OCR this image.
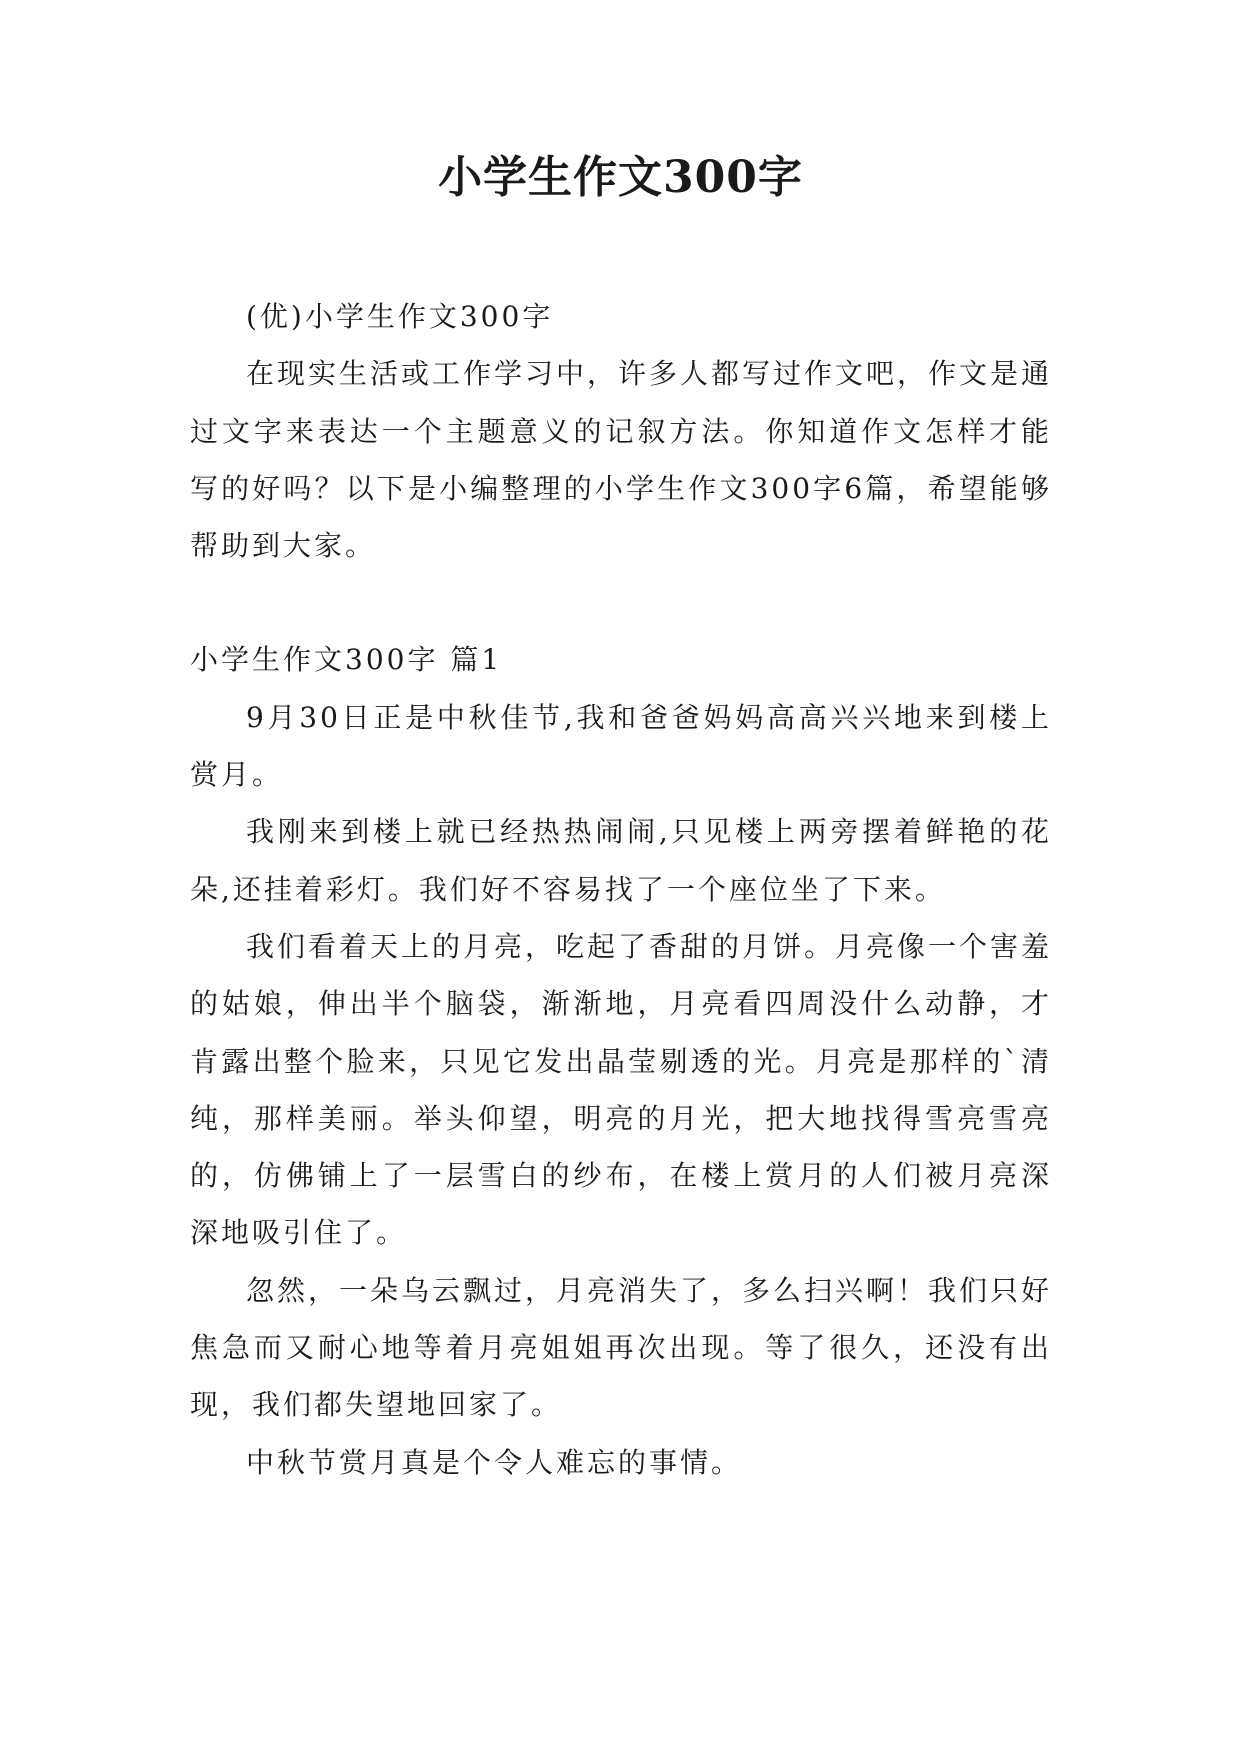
小学生作文300字

(优)小学生作文300字

在现实生活或工作学习中，许多人都写过作文吧，作文是通过文字来表达一个主题意义的记叙方法。你知道作文怎样才能写的好吗？以下是小编整理的小学生作文300字6篇，希望能够帮助到大家。

小学生作文300字 篇1

9月30日正是中秋佳节,我和爸爸妈妈高高兴兴地来到楼上赏月。

我刚来到楼上就已经热热闹闹,只见楼上两旁摆着鲜艳的花朵,还挂着彩灯。我们好不容易找了一个座位坐了下来。

我们看着天上的月亮，吃起了香甜的月饼。月亮像一个害羞的姑娘，伸出半个脑袋，渐渐地，月亮看四周没什么动静，才肯露出整个脸来，只见它发出晶莹剔透的光。月亮是那样的`清纯，那样美丽。举头仰望，明亮的月光，把大地找得雪亮雪亮的，仿佛铺上了一层雪白的纱布，在楼上赏月的人们被月亮深深地吸引住了。

忽然，一朵乌云飘过，月亮消失了，多么扫兴啊！我们只好焦急而又耐心地等着月亮姐姐再次出现。等了很久，还没有出现，我们都失望地回家了。

中秋节赏月真是个令人难忘的事情。
